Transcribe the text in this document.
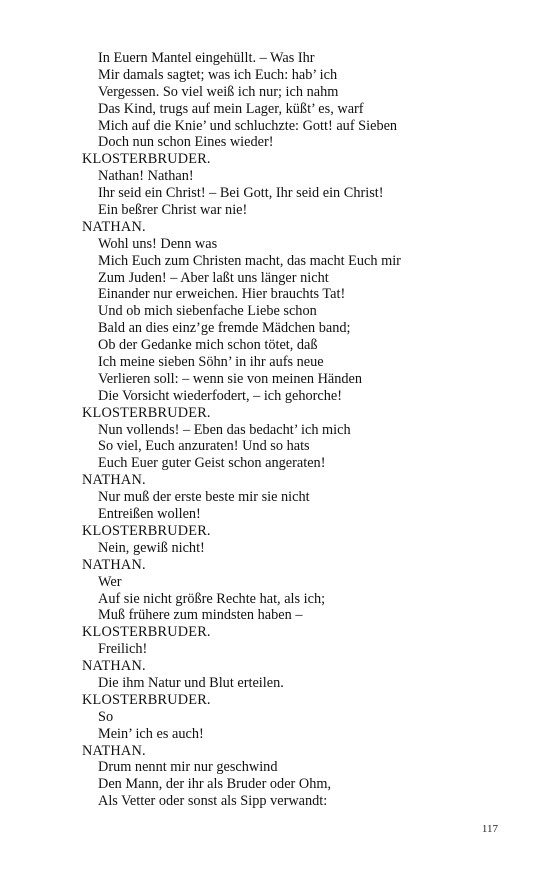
In Euern Mantel eingehüllt. – Was Ihr
Mir damals sagtet; was ich Euch: hab’ ich
Vergessen. So viel weiß ich nur; ich nahm
Das Kind, trugs auf mein Lager, küßt’ es, warf
Mich auf die Knie’ und schluchzte: Gott! auf Sieben
Doch nun schon Eines wieder!
KLOSTERBRUDER.
Nathan! Nathan!
Ihr seid ein Christ! – Bei Gott, Ihr seid ein Christ!
Ein beßrer Christ war nie!
NATHAN.
Wohl uns! Denn was
Mich Euch zum Christen macht, das macht Euch mir
Zum Juden! – Aber laßt uns länger nicht
Einander nur erweichen. Hier brauchts Tat!
Und ob mich siebenfache Liebe schon
Bald an dies einz’ge fremde Mädchen band;
Ob der Gedanke mich schon tötet, daß
Ich meine sieben Söhn’ in ihr aufs neue
Verlieren soll: – wenn sie von meinen Händen
Die Vorsicht wiederfodert, – ich gehorche!
KLOSTERBRUDER.
Nun vollends! – Eben das bedacht’ ich mich
So viel, Euch anzuraten! Und so hats
Euch Euer guter Geist schon angeraten!
NATHAN.
Nur muß der erste beste mir sie nicht
Entreißen wollen!
KLOSTERBRUDER.
Nein, gewiß nicht!
NATHAN.
Wer
Auf sie nicht größre Rechte hat, als ich;
Muß frühere zum mindsten haben –
KLOSTERBRUDER.
Freilich!
NATHAN.
Die ihm Natur und Blut erteilen.
KLOSTERBRUDER.
So
Mein’ ich es auch!
NATHAN.
Drum nennt mir nur geschwind
Den Mann, der ihr als Bruder oder Ohm,
Als Vetter oder sonst als Sipp verwandt:
117
